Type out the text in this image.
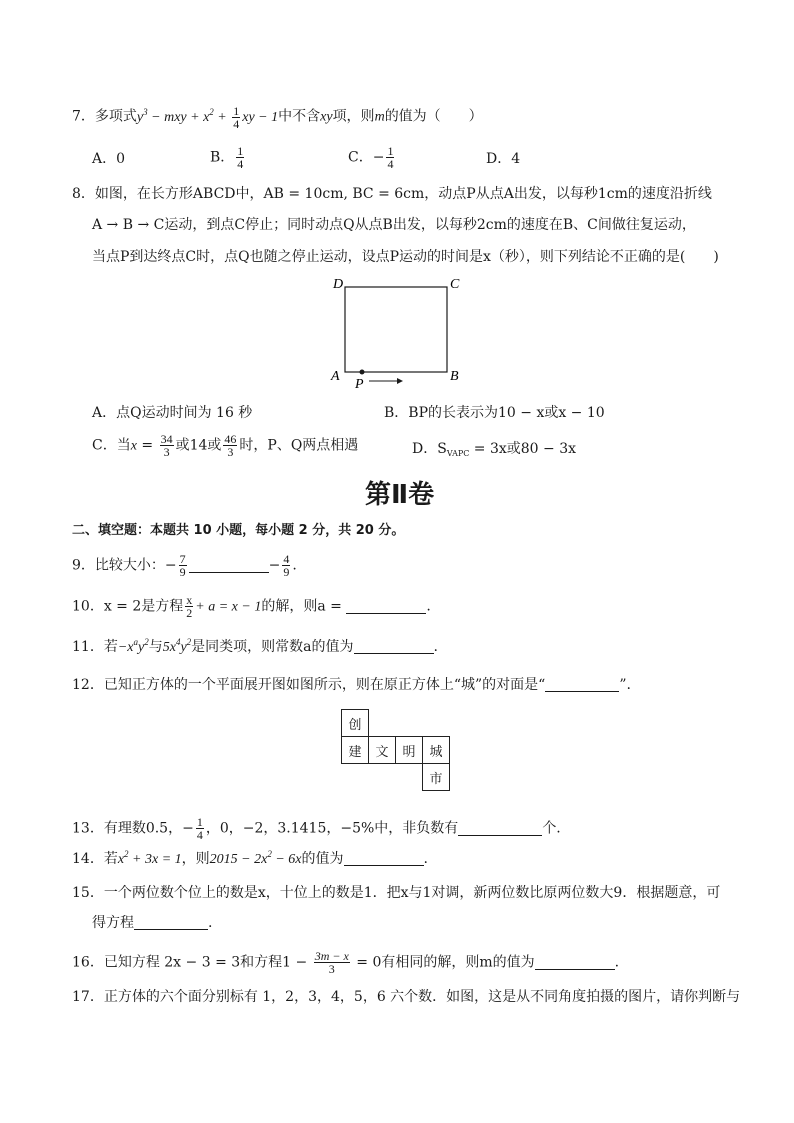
7．多项式$y^3$ − mxy + $x^2 + \frac{1}{4}$ xy − 1中不含xy项，则m的值为（　　）
A．0	B． $\frac{1}{4}$	C．− $\frac{1}{4}$	D．4
8．如图，在长方形ABCD中，AB = 10cm, BC = 6cm，动点P从点A出发，以每秒1cm的速度沿折线
A → B → C运动，到点C停止；同时动点Q从点B出发，以每秒2cm的速度在B、C间做往复运动，
当点P到达终点C时，点Q也随之停止运动，设点P运动的时间是x（秒），则下列结论不正确的是(　　)
D	C
A	B
P
A．点Q运动时间为 16 秒	B．BP的长表示为10 − x或x − 10
C．当$x = \frac{34}{3}$ 或14或 $\frac{46}{3}$ 时，P、Q两点相遇	D．$S_{VAPC} = 3x$或80 − 3x
第Ⅱ卷
二、填空题：本题共 10 小题，每小题 2 分，共 20 分。
9．比较大小：− $\frac{7}{9}$	− $\frac{4}{9}$ .
10．x = 2是方程 $\frac{x}{2} + a = x - 1$的解，则a =	.
11．若$-x^ay^2$与$5x^4y^2$是同类项，则常数a的值为	.
12．已知正方体的一个平面展开图如图所示，则在原正方体上“城”的对面是“	”.
创			
建	文	明	城
			市
13．有理数0.5，− $\frac{1}{4}$ ，0，−2，3.1415，−5%中，非负数有	个.
14．若$x^2 + 3x = 1$，则$2015 - 2x^2 - 6x$的值为	.
15．一个两位数个位上的数是x，十位上的数是1．把x与1对调，新两位数比原两位数大9．根据题意，可
得方程	.
16．已知方程 2x − 3 = 3和方程$1 - \frac{3m - x}{3} = 0$有相同的解，则m的值为	.
17．正方体的六个面分别标有 1，2，3，4，5，6 六个数．如图，这是从不同角度拍摄的图片，请你判断与
